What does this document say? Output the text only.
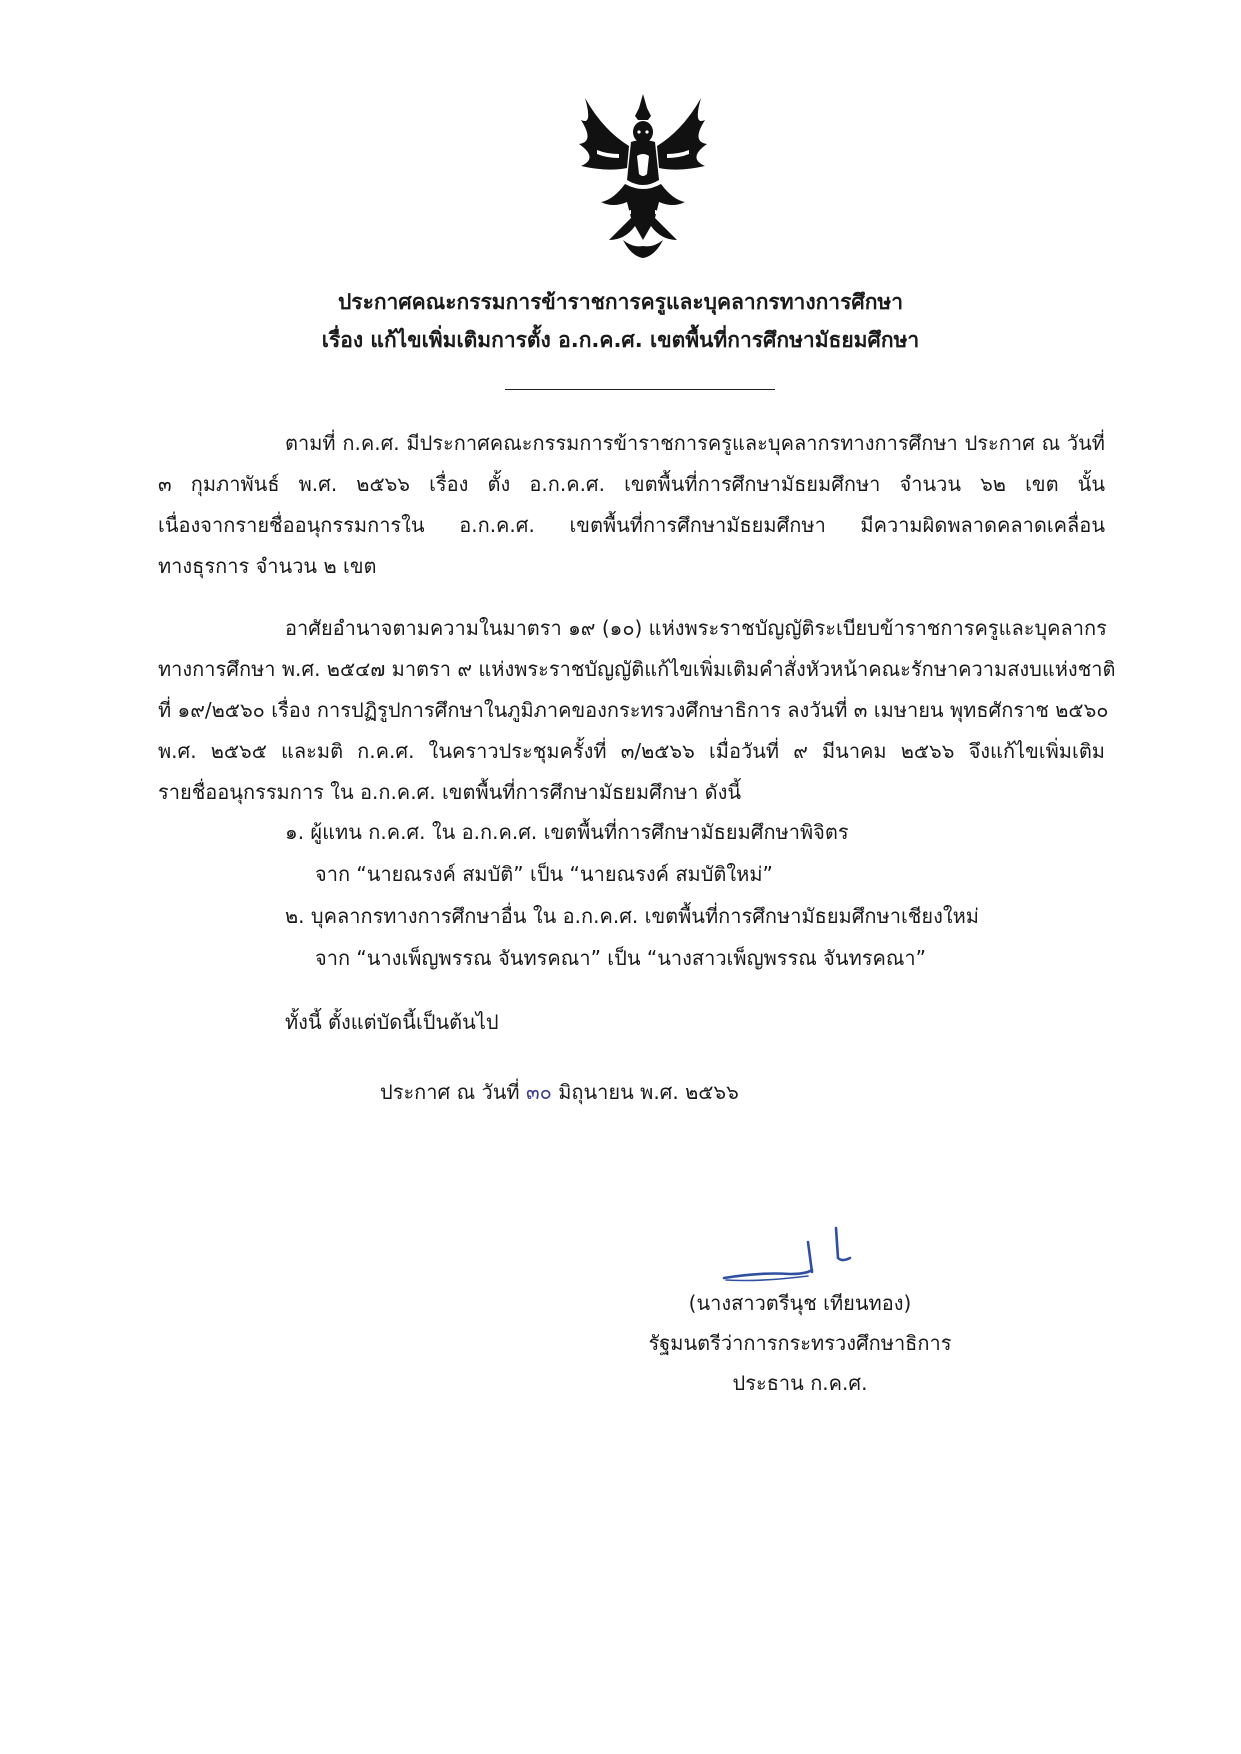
ประกาศคณะกรรมการข้าราชการครูและบุคลากรทางการศึกษา
เรื่อง แก้ไขเพิ่มเติมการตั้ง อ.ก.ค.ศ. เขตพื้นที่การศึกษามัธยมศึกษา
ตามที่ ก.ค.ศ. มีประกาศคณะกรรมการข้าราชการครูและบุคลากรทางการศึกษา ประกาศ ณ วันที่
๓ กุมภาพันธ์ พ.ศ. ๒๕๖๖ เรื่อง ตั้ง อ.ก.ค.ศ. เขตพื้นที่การศึกษามัธยมศึกษา จำนวน ๖๒ เขต นั้น
เนื่องจากรายชื่ออนุกรรมการใน อ.ก.ค.ศ. เขตพื้นที่การศึกษามัธยมศึกษา มีความผิดพลาดคลาดเคลื่อน
ทางธุรการ จำนวน ๒ เขต
อาศัยอำนาจตามความในมาตรา ๑๙ (๑๐) แห่งพระราชบัญญัติระเบียบข้าราชการครูและบุคลากร
ทางการศึกษา พ.ศ. ๒๕๔๗ มาตรา ๙ แห่งพระราชบัญญัติแก้ไขเพิ่มเติมคำสั่งหัวหน้าคณะรักษาความสงบแห่งชาติ
ที่ ๑๙/๒๕๖๐ เรื่อง การปฏิรูปการศึกษาในภูมิภาคของกระทรวงศึกษาธิการ ลงวันที่ ๓ เมษายน พุทธศักราช ๒๕๖๐
พ.ศ. ๒๕๖๕ และมติ ก.ค.ศ. ในคราวประชุมครั้งที่ ๓/๒๕๖๖ เมื่อวันที่ ๙ มีนาคม ๒๕๖๖ จึงแก้ไขเพิ่มเติม
รายชื่ออนุกรรมการ ใน อ.ก.ค.ศ. เขตพื้นที่การศึกษามัธยมศึกษา ดังนี้
๑. ผู้แทน ก.ค.ศ. ใน อ.ก.ค.ศ. เขตพื้นที่การศึกษามัธยมศึกษาพิจิตร
จาก “นายณรงค์ สมบัติ” เป็น “นายณรงค์ สมบัติใหม่”
๒. บุคลากรทางการศึกษาอื่น ใน อ.ก.ค.ศ. เขตพื้นที่การศึกษามัธยมศึกษาเชียงใหม่
จาก “นางเพ็ญพรรณ จันทรคณา” เป็น “นางสาวเพ็ญพรรณ จันทรคณา”
ทั้งนี้ ตั้งแต่บัดนี้เป็นต้นไป
ประกาศ ณ วันที่ ๓๐ มิถุนายน พ.ศ. ๒๕๖๖
(นางสาวตรีนุช เทียนทอง)
รัฐมนตรีว่าการกระทรวงศึกษาธิการ
ประธาน ก.ค.ศ.
